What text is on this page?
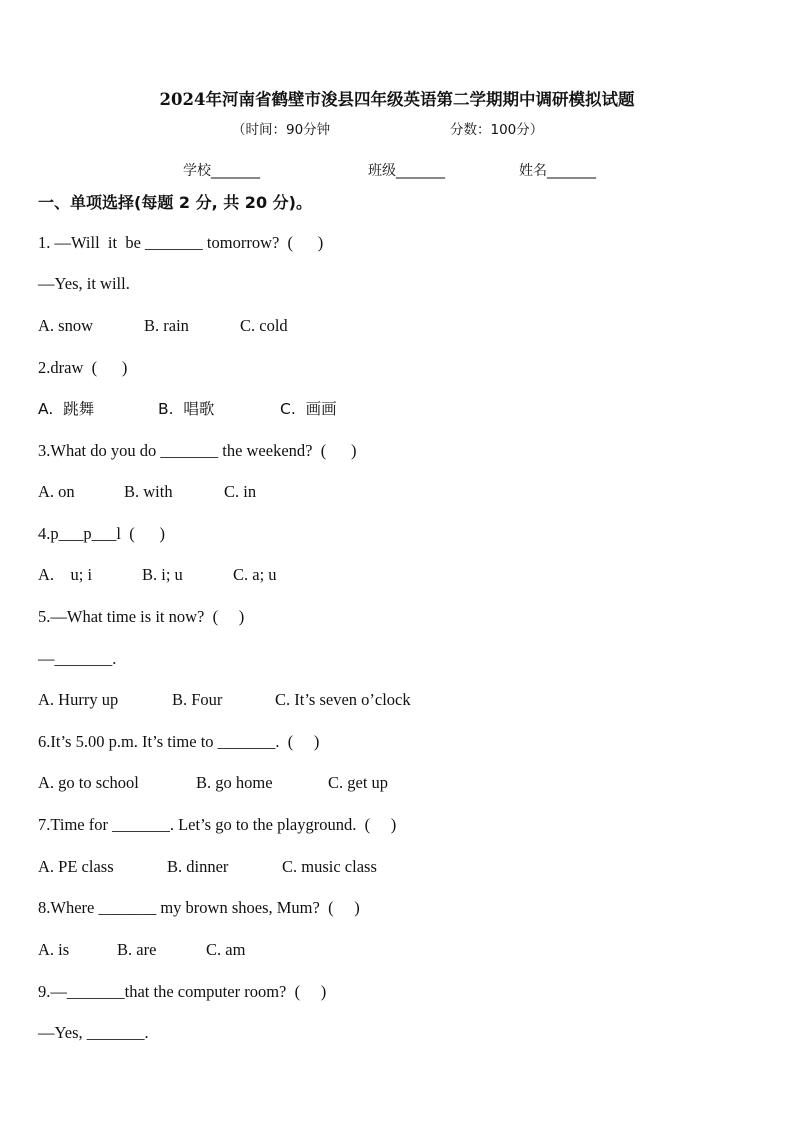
2024年河南省鹤壁市浚县四年级英语第二学期期中调研模拟试题
（时间：90分钟	分数：100分）
学校_______	班级_______	姓名_______
一、单项选择(每题 2 分, 共 20 分)。
1. —Will  it  be _______ tomorrow?  (      )
—Yes, it will.

A. snow

	B. rain

	C. cold

2.draw  (      )

A.  跳舞

	B.  唱歌

	C.  画画

3.What do you do _______ the weekend?  (      )

A. on

	B. with

	C. in

4.p___p___l  (      )

A.    u; i

	B. i; u

	C. a; u

5.—What time is it now?  (     )
—_______.

A. Hurry up

	B. Four

	C. It’s seven o’clock

6.It’s 5.00 p.m. It’s time to _______.  (     )

A. go to school

	B. go home

	C. get up

7.Time for _______. Let’s go to the playground.  (     )

A. PE class

	B. dinner

	C. music class

8.Where _______ my brown shoes, Mum?  (     )

A. is

	B. are

	C. am

9.—_______that the computer room?  (     )
—Yes, _______.
